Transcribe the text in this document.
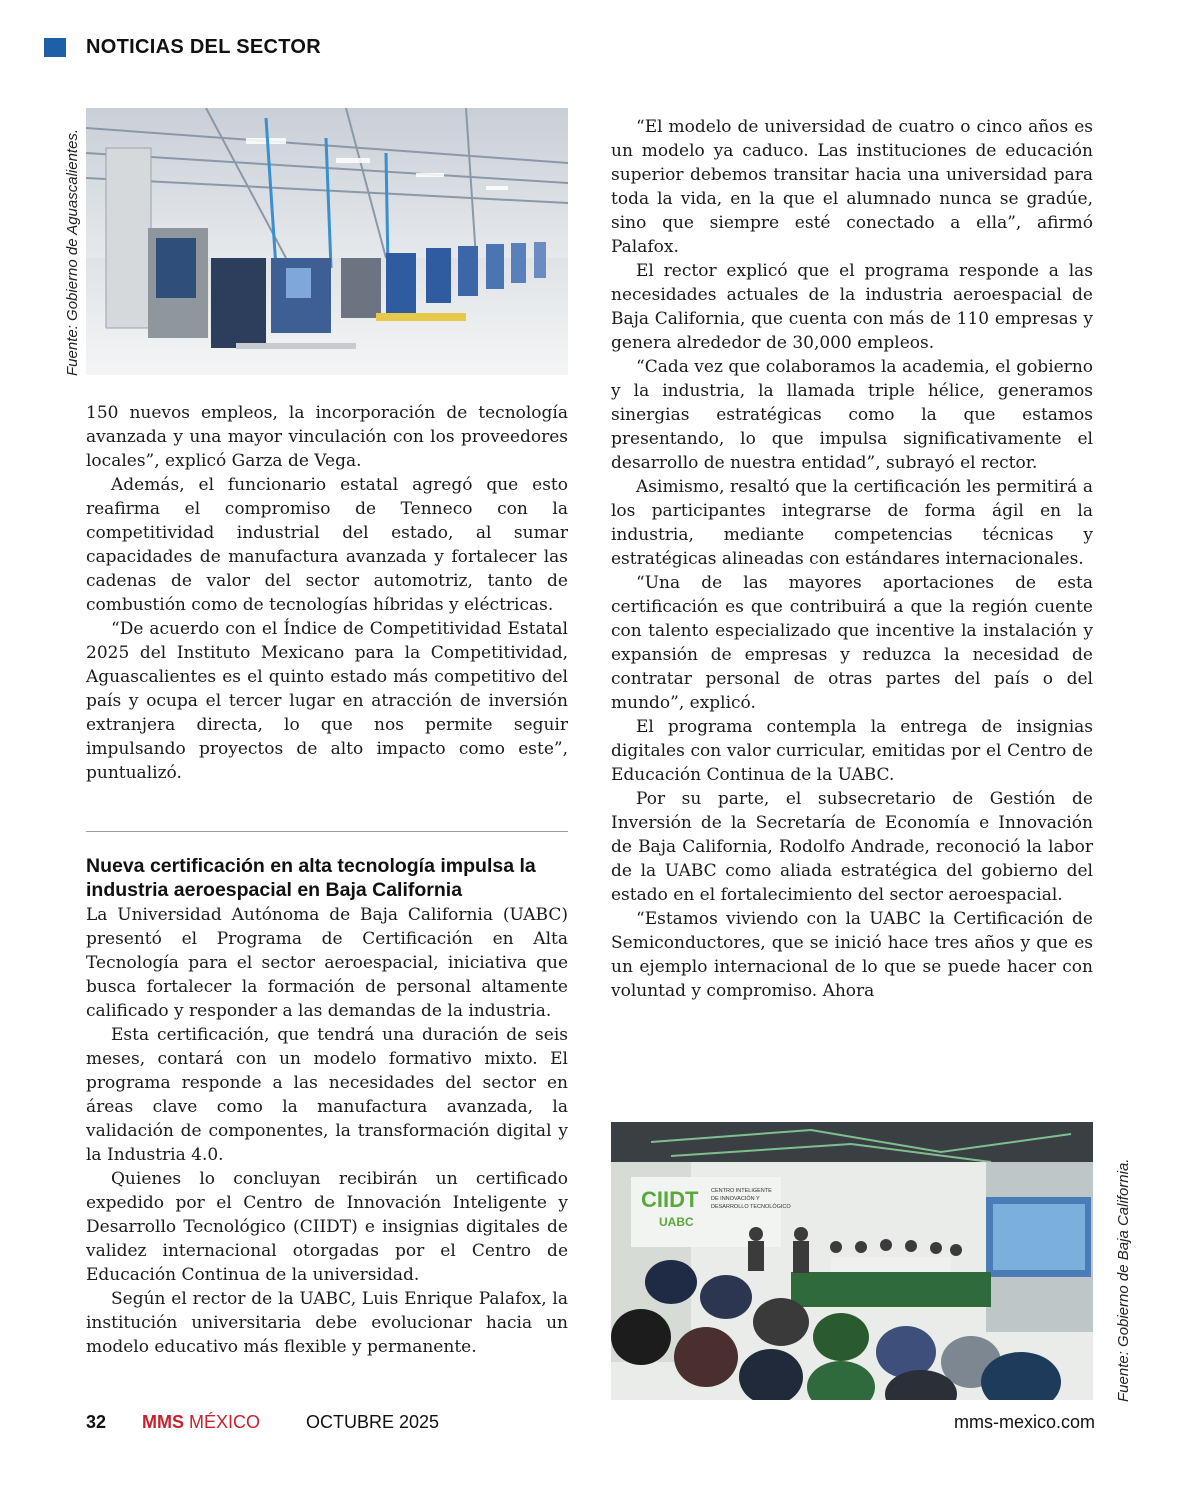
NOTICIAS DEL SECTOR
Fuente: Gobierno de Aguascalientes.

150 nuevos empleos, la incorporación de tecnología avanzada y una mayor vinculación con los proveedores locales”, explicó Garza de Vega.

Además, el funcionario estatal agregó que esto reafirma el compromiso de Tenneco con la competitividad industrial del estado, al sumar capacidades de manufactura avanzada y fortalecer las cadenas de valor del sector automotriz, tanto de combustión como de tecnologías híbridas y eléctricas.

“De acuerdo con el Índice de Competitividad Estatal 2025 del Instituto Mexicano para la Competitividad, Aguascalientes es el quinto estado más competitivo del país y ocupa el tercer lugar en atracción de inversión extranjera directa, lo que nos permite seguir impulsando proyectos de alto impacto como este”, puntualizó.

Nueva certificación en alta tecnología impulsa la industria aeroespacial en Baja California

La Universidad Autónoma de Baja California (UABC) presentó el Programa de Certificación en Alta Tecnología para el sector aeroespacial, iniciativa que busca fortalecer la formación de personal altamente calificado y responder a las demandas de la industria.

Esta certificación, que tendrá una duración de seis meses, contará con un modelo formativo mixto. El programa responde a las necesidades del sector en áreas clave como la manufactura avanzada, la validación de componentes, la transformación digital y la Industria 4.0.

Quienes lo concluyan recibirán un certificado expedido por el Centro de Innovación Inteligente y Desarrollo Tecnológico (CIIDT) e insignias digitales de validez internacional otorgadas por el Centro de Educación Continua de la universidad.

Según el rector de la UABC, Luis Enrique Palafox, la institución universitaria debe evolucionar hacia un modelo educativo más flexible y permanente.

“El modelo de universidad de cuatro o cinco años es un modelo ya caduco. Las instituciones de educación superior debemos transitar hacia una universidad para toda la vida, en la que el alumnado nunca se gradúe, sino que siempre esté conectado a ella”, afirmó Palafox.

El rector explicó que el programa responde a las necesidades actuales de la industria aeroespacial de Baja California, que cuenta con más de 110 empresas y genera alrededor de 30,000 empleos.

“Cada vez que colaboramos la academia, el gobierno y la industria, la llamada triple hélice, generamos sinergias estratégicas como la que estamos presentando, lo que impulsa significativamente el desarrollo de nuestra entidad”, subrayó el rector.

Asimismo, resaltó que la certificación les permitirá a los participantes integrarse de forma ágil en la industria, mediante competencias técnicas y estratégicas alineadas con estándares internacionales.

“Una de las mayores aportaciones de esta certificación es que contribuirá a que la región cuente con talento especializado que incentive la instalación y expansión de empresas y reduzca la necesidad de contratar personal de otras partes del país o del mundo”, explicó.

El programa contempla la entrega de insignias digitales con valor curricular, emitidas por el Centro de Educación Continua de la UABC.

Por su parte, el subsecretario de Gestión de Inversión de la Secretaría de Economía e Innovación de Baja California, Rodolfo Andrade, reconoció la labor de la UABC como aliada estratégica del gobierno del estado en el fortalecimiento del sector aeroespacial.

“Estamos viviendo con la UABC la Certificación de Semiconductores, que se inició hace tres años y que es un ejemplo internacional de lo que se puede hacer con voluntad y compromiso. Ahora

CIIDT
UABC
CENTRO INTELIGENTE
DE INNOVACIÓN Y
DESARROLLO TECNOLÓGICO	Fuente: Gobierno de Baja California.
32 MMS MÉXICO	OCTUBRE 2025	mms-mexico.com
